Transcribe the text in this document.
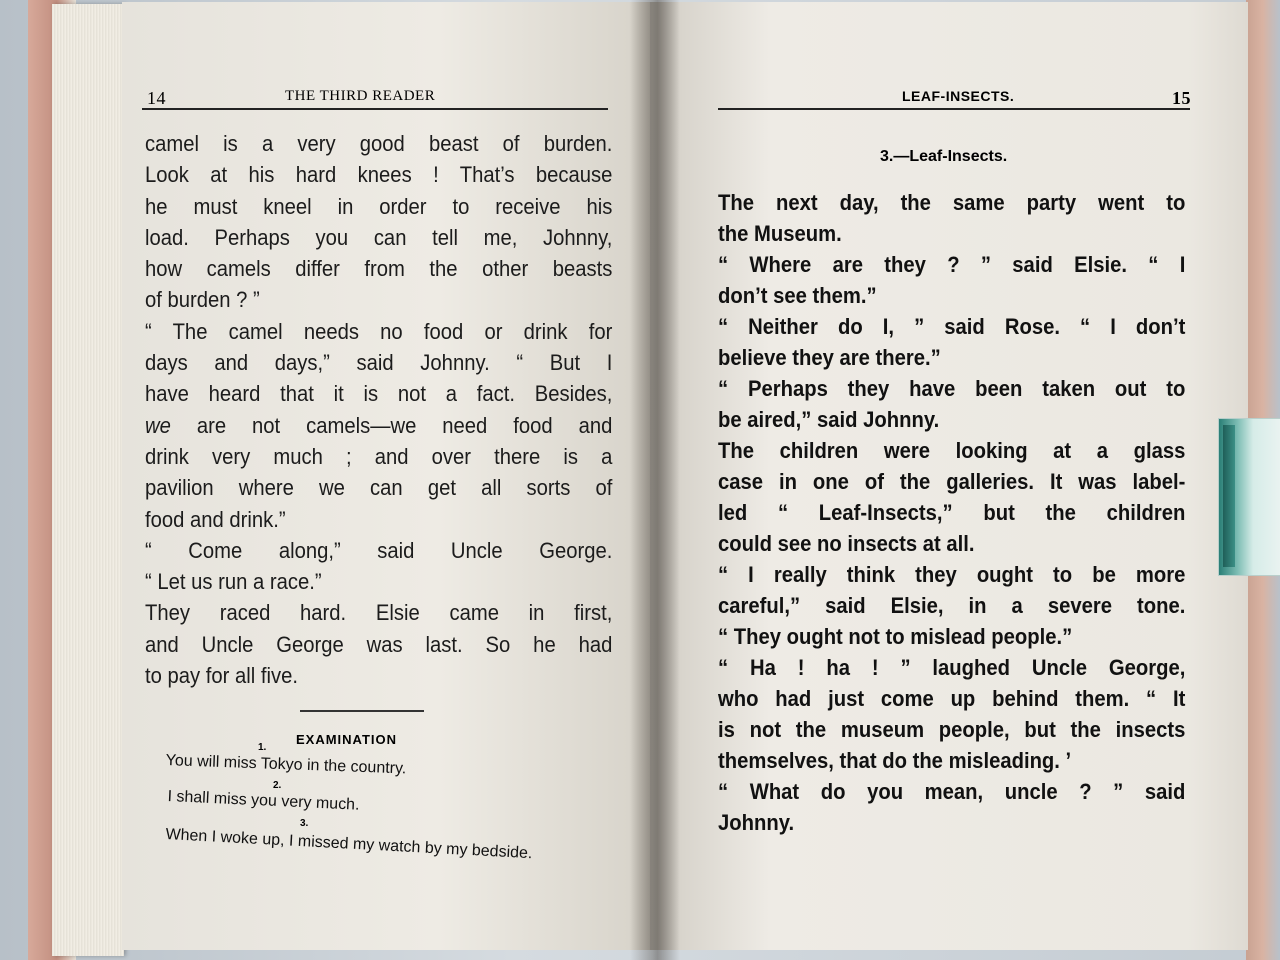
14	THE THIRD READER
camel is a very good beast of burden.
Look at his hard knees ! That’s because
he must kneel in order to receive his
load. Perhaps you can tell me, Johnny,
how camels differ from the other beasts
of burden ? ”
“ The camel needs no food or drink for
days and days,” said Johnny. “ But I
have heard that it is not a fact. Besides,
we are not camels—we need food and
drink very much ; and over there is a
pavilion where we can get all sorts of
food and drink.”
“ Come along,” said Uncle George.
“ Let us run a race.”
They raced hard. Elsie came in first,
and Uncle George was last. So he had
to pay for all five.
EXAMINATION
1.
You will miss Tokyo in the country.
2.
I shall miss you very much.
3.
When I woke up, I missed my watch by my bedside.
LEAF-INSECTS.	15
3.—Leaf-Insects.
The next day, the same party went to
the Museum.
“ Where are they ? ” said Elsie. “ I
don’t see them.”
“ Neither do I, ” said Rose. “ I don’t
believe they are there.”
“ Perhaps they have been taken out to
be aired,” said Johnny.
The children were looking at a glass
case in one of the galleries. It was label-
led “ Leaf-Insects,” but the children
could see no insects at all.
“ I really think they ought to be more
careful,” said Elsie, in a severe tone.
“ They ought not to mislead people.”
“ Ha ! ha ! ” laughed Uncle George,
who had just come up behind them. “ It
is not the museum people, but the insects
themselves, that do the misleading. ’
“ What do you mean, uncle ? ” said
Johnny.
